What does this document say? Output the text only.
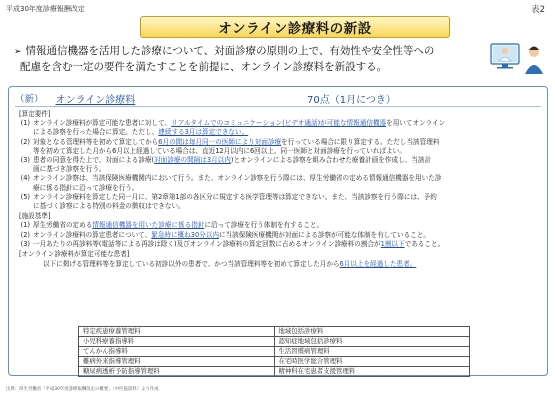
平成30年度診療報酬改定	表2
オンライン診療料の新設
➢ 情報通信機器を活用した診療について、対面診療の原則の上で、有効性や安全性等への
配慮を含む一定の要件を満たすことを前提に、オンライン診療料を新設する。
（新） オンライン診療料	70点（1月につき）
[算定要件]
(1) オンライン診療料が算定可能な患者に対して、リアルタイムでのコミュニケーション(ビデオ通話)が可能な情報通信機器を用いてオンライン
による診察を行った場合に算定。ただし、連続する3月は算定できない。
(2) 対象となる管理料等を初めて算定してから6月の間は毎月同一の医師により対面診療を行っている場合に限り算定する。ただし当該管理料
等を初めて算定した月から6月以上経過している場合は、直近12月以内に6回以上、同一医師と対面診療を行っていればよい。
(3) 患者の同意を得た上で、対面による診療(対面診療の間隔は3月以内)とオンラインによる診察を組み合わせた療養計画を作成し、当該計
画に基づき診察を行う。
(4) オンライン診察は、当該保険医療機関内において行う。また、オンライン診察を行う際には、厚生労働省の定める情報通信機器を用いた診
療に係る指針に沿って診療を行う。
(5) オンライン診療料を算定した同一月に、第2章第1部の各区分に規定する医学管理等は算定できない。また、当該診察を行う際には、予約
に基づく診察による特別の料金の徴収はできない。
[施設基準]
(1) 厚生労働省の定める情報通信機器を用いた診療に係る指針に沿って診療を行う体制を有すること。
(2) オンライン診療料の算定患者について、緊急時に概ね30分以内に当該保険医療機関が対面による診察が可能な体制を有していること。
(3) 一月あたりの再診料等(電話等による再診は除く)及びオンライン診療料の算定回数に占めるオンライン診療料の割合が1割以下であること。
[オンライン診療料が算定可能な患者]
以下に掲げる管理料等を算定している初診以外の患者で、かつ当該管理料等を初めて算定した月から6月以上を経過した患者。
特定疾患療養管理料	地域包括診療料
小児科療養指導料	認知症地域包括診療料
てんかん指導料	生活習慣病管理料
難病外来指導管理料	在宅時医学総合管理料
糖尿病透析予防指導管理料	精神科在宅患者支援管理料
出典：厚生労働省「平成30年度診療報酬改定の概要」（中医協資料）より作成
